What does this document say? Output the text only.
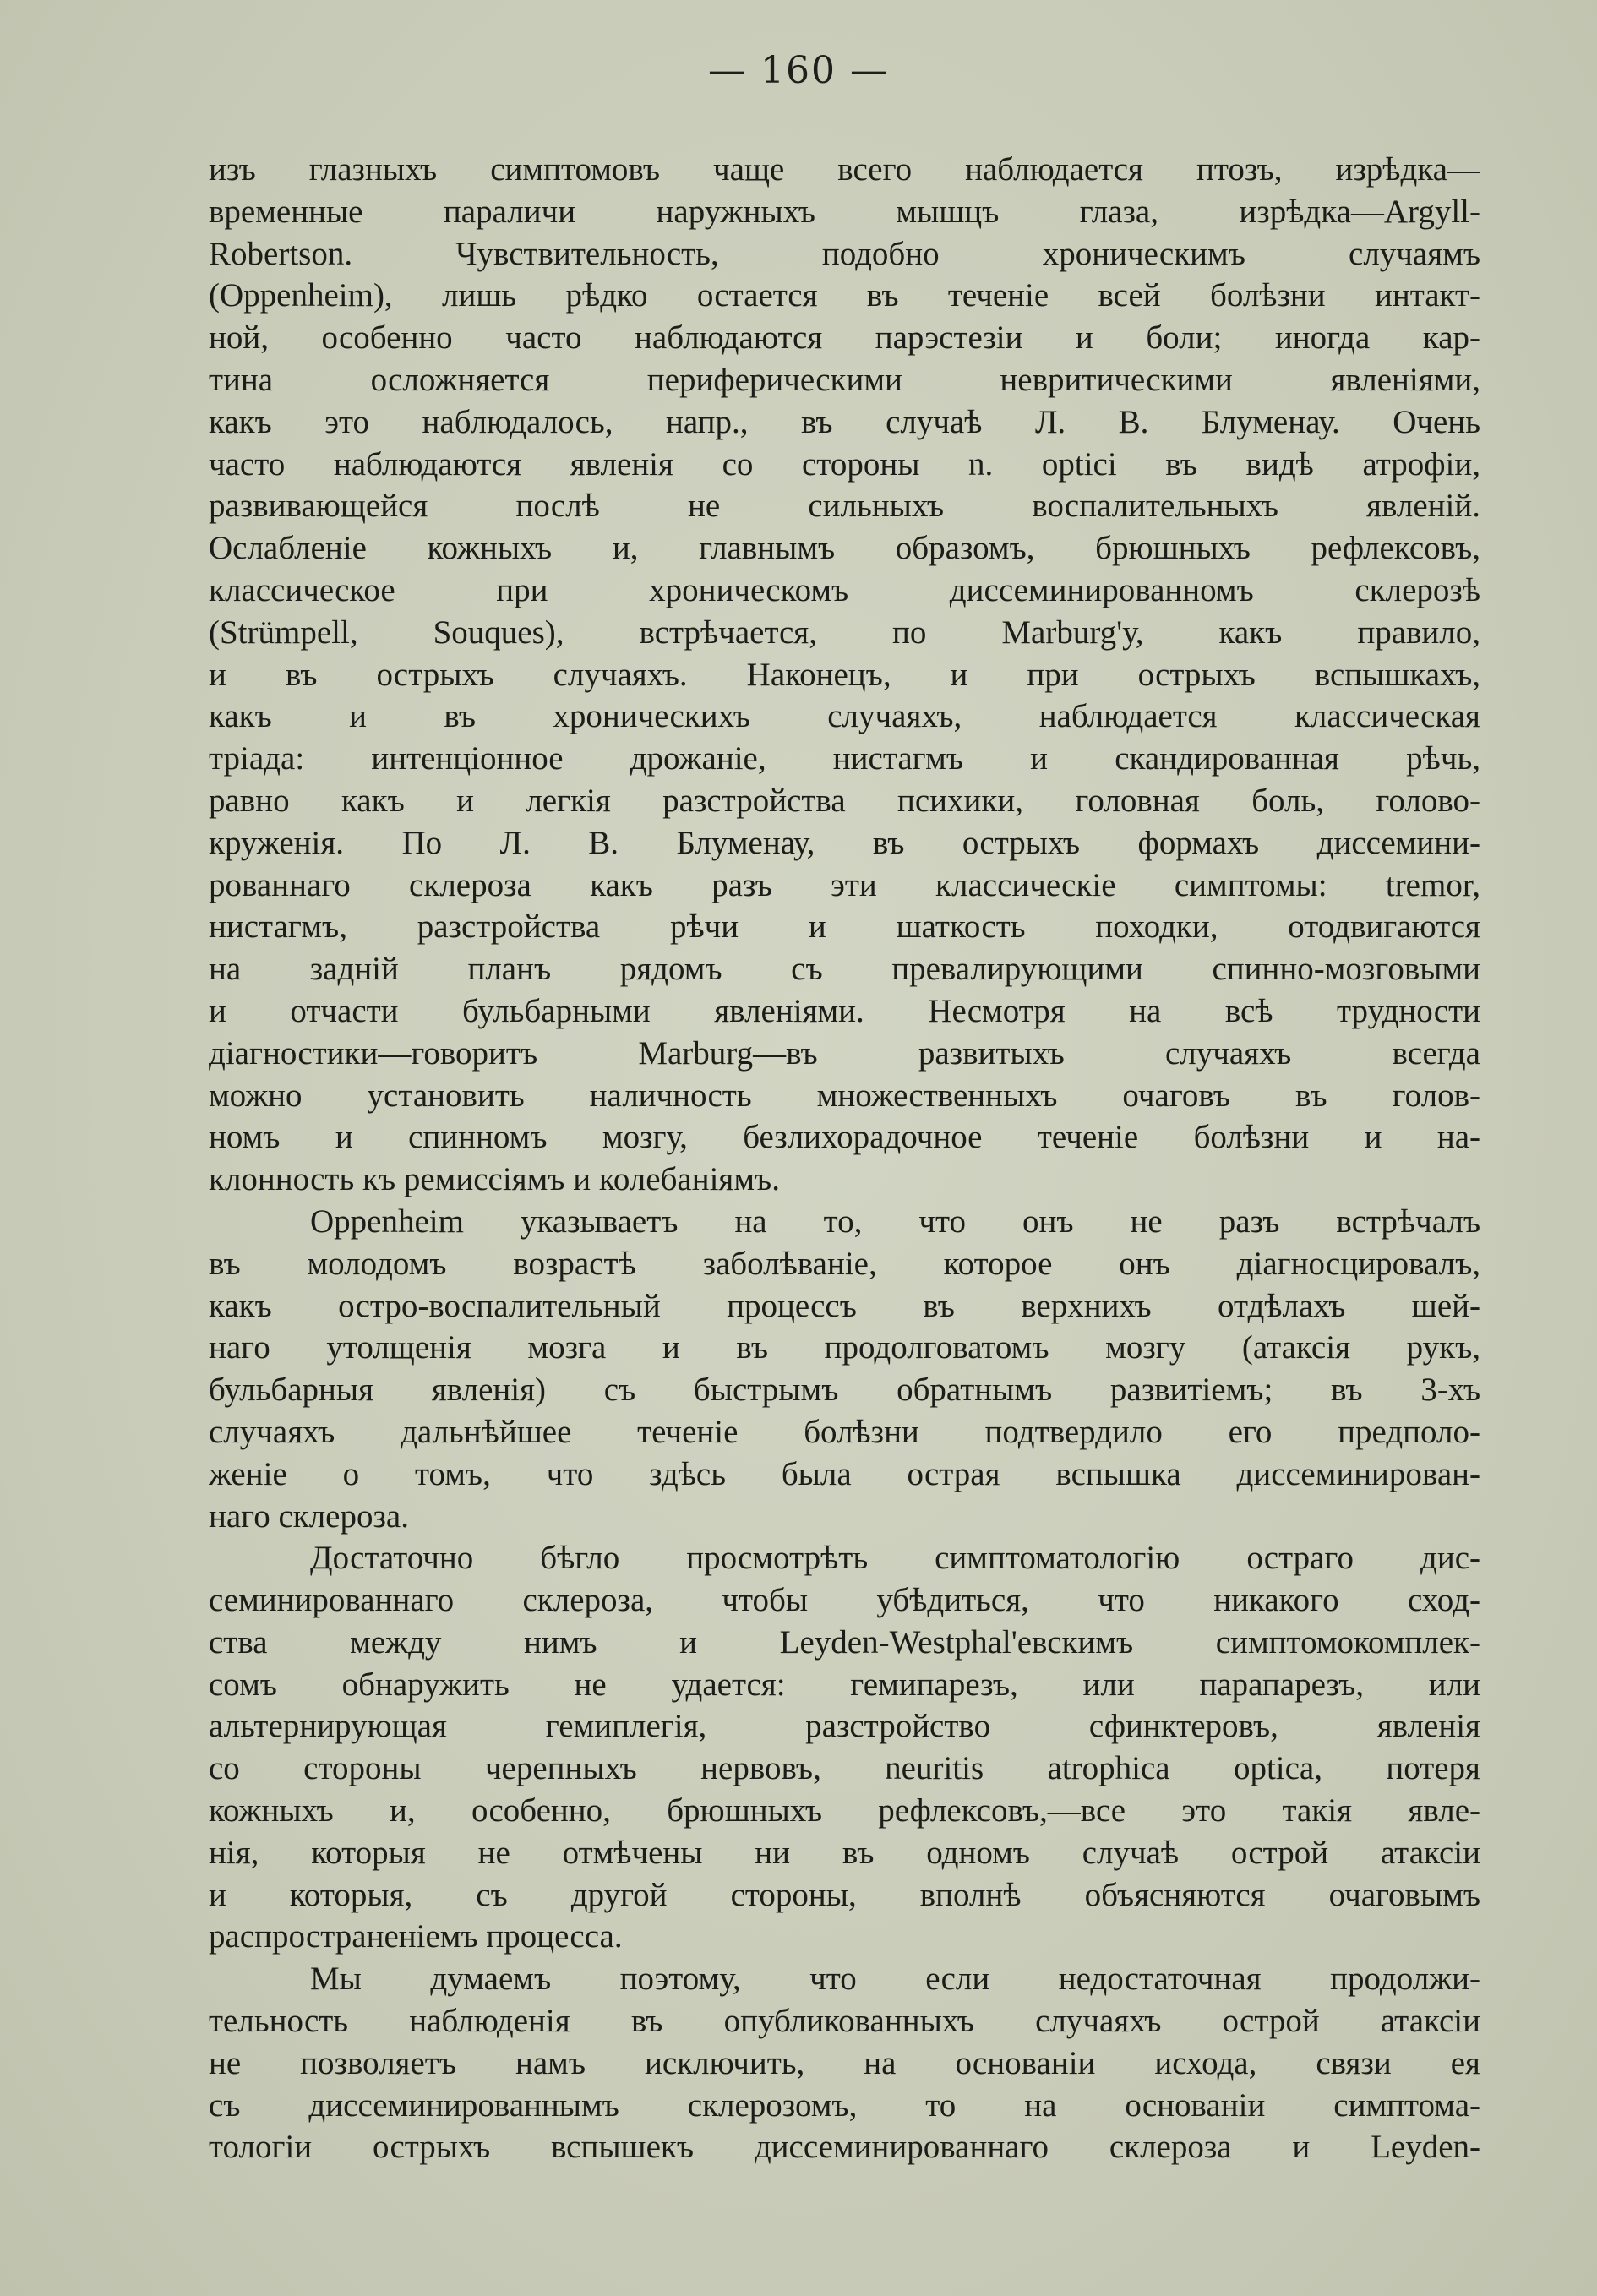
— 160 —
изъ глазныхъ симптомовъ чаще всего наблюдается птозъ, изрѣдка—
временные параличи наружныхъ мышцъ глаза, изрѣдка—Argyll-
Robertson. Чувствительность, подобно хроническимъ случаямъ
(Oppenheim), лишь рѣдко остается въ теченіе всей болѣзни интакт-
ной, особенно часто наблюдаются парэстезіи и боли; иногда кар-
тина осложняется периферическими невритическими явленіями,
какъ это наблюдалось, напр., въ случаѣ Л. В. Блуменау. Очень
часто наблюдаются явленія со стороны n. optici въ видѣ атрофіи,
развивающейся послѣ не сильныхъ воспалительныхъ явленій.
Ослабленіе кожныхъ и, главнымъ образомъ, брюшныхъ рефлексовъ,
классическое при хроническомъ диссеминированномъ склерозѣ
(Strümpell, Souques), встрѣчается, по Marburg'у, какъ правило,
и въ острыхъ случаяхъ. Наконецъ, и при острыхъ вспышкахъ,
какъ и въ хроническихъ случаяхъ, наблюдается классическая
тріада: интенціонное дрожаніе, нистагмъ и скандированная рѣчь,
равно какъ и легкія разстройства психики, головная боль, голово-
круженія. По Л. В. Блуменау, въ острыхъ формахъ диссемини-
рованнаго склероза какъ разъ эти классическіе симптомы: tremor,
нистагмъ, разстройства рѣчи и шаткость походки, отодвигаются
на заднiй планъ рядомъ съ превалирующими спинно-мозговыми
и отчасти бульбарными явленіями. Несмотря на всѣ трудности
діагностики—говоритъ Marburg—въ развитыхъ случаяхъ всегда
можно установить наличность множественныхъ очаговъ въ голов-
номъ и спинномъ мозгу, безлихорадочное теченіе болѣзни и на-
клонность къ ремиссіямъ и колебаніямъ.
Oppenheim указываетъ на то, что онъ не разъ встрѣчалъ
въ молодомъ возрастѣ заболѣваніе, которое онъ діагносцировалъ,
какъ остро-воспалительный процессъ въ верхнихъ отдѣлахъ шей-
наго утолщенія мозга и въ продолговатомъ мозгу (атаксія рукъ,
бульбарныя явленія) съ быстрымъ обратнымъ развитіемъ; въ 3-хъ
случаяхъ дальнѣйшее теченіе болѣзни подтвердило его предполо-
женіе о томъ, что здѣсь была острая вспышка диссеминирован-
наго склероза.
Достаточно бѣгло просмотрѣть симптоматологію остраго дис-
семинированнаго склероза, чтобы убѣдиться, что никакого сход-
ства между нимъ и Leyden-Westphal'евскимъ симптомокомплек-
сомъ обнаружить не удается: гемипарезъ, или парапарезъ, или
альтернирующая гемиплегія, разстройство сфинктеровъ, явленія
со стороны черепныхъ нервовъ, neuritis atrophica optica, потеря
кожныхъ и, особенно, брюшныхъ рефлексовъ,—все это такія явле-
нія, которыя не отмѣчены ни въ одномъ случаѣ острой атаксіи
и которыя, съ другой стороны, вполнѣ объясняются очаговымъ
распространеніемъ процесса.
Мы думаемъ поэтому, что если недостаточная продолжи-
тельность наблюденія въ опубликованныхъ случаяхъ острой атаксіи
не позволяетъ намъ исключить, на основаніи исхода, связи ея
съ диссеминированнымъ склерозомъ, то на основаніи симптома-
тологіи острыхъ вспышекъ диссеминированнаго склероза и Leyden-
